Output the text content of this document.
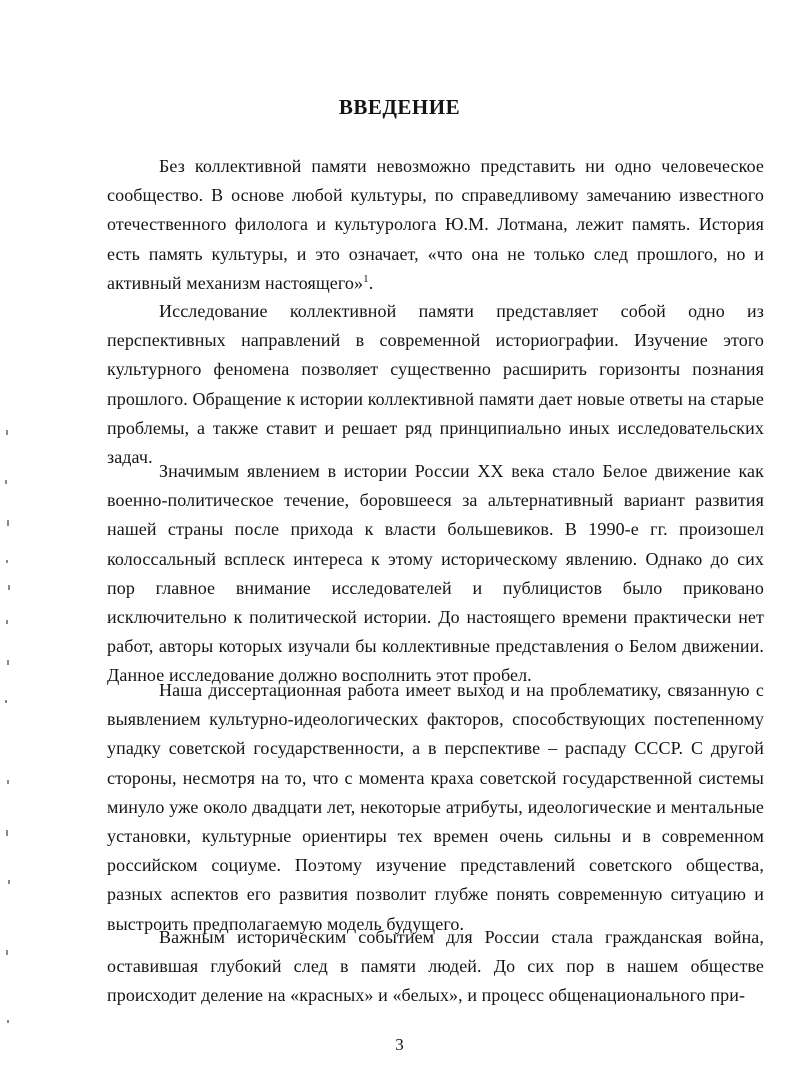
ВВЕДЕНИЕ

Без коллективной памяти невозможно представить ни одно человеческое сообщество. В основе любой культуры, по справедливому замечанию известного отечественного филолога и культуролога Ю.М. Лотмана, лежит память. История есть память культуры, и это означает, «что она не только след прошлого, но и активный механизм настоящего»$^1$.

Исследование коллективной памяти представляет собой одно из перспективных направлений в современной историографии. Изучение этого культурного феномена позволяет существенно расширить горизонты познания прошлого. Обращение к истории коллективной памяти дает новые ответы на старые проблемы, а также ставит и решает ряд принципиально иных исследовательских задач.

Значимым явлением в истории России XX века стало Белое движение как военно-политическое течение, боровшееся за альтернативный вариант развития нашей страны после прихода к власти большевиков. В 1990-е гг. произошел колоссальный всплеск интереса к этому историческому явлению. Однако до сих пор главное внимание исследователей и публицистов было приковано исключительно к политической истории. До настоящего времени практически нет работ, авторы которых изучали бы коллективные представления о Белом движении. Данное исследование должно восполнить этот пробел.

Наша диссертационная работа имеет выход и на проблематику, связанную с выявлением культурно-идеологических факторов, способствующих постепенному упадку советской государственности, а в перспективе – распаду СССР. С другой стороны, несмотря на то, что с момента краха советской государственной системы минуло уже около двадцати лет, некоторые атрибуты, идеологические и ментальные установки, культурные ориентиры тех времен очень сильны и в современном российском социуме. Поэтому изучение представлений советского общества, разных аспектов его развития позволит глубже понять современную ситуацию и выстроить предполагаемую модель будущего.

Важным историческим событием для России стала гражданская война, оставившая глубокий след в памяти людей. До сих пор в нашем обществе происходит деление на «красных» и «белых», и процесс общенационального при-

3
